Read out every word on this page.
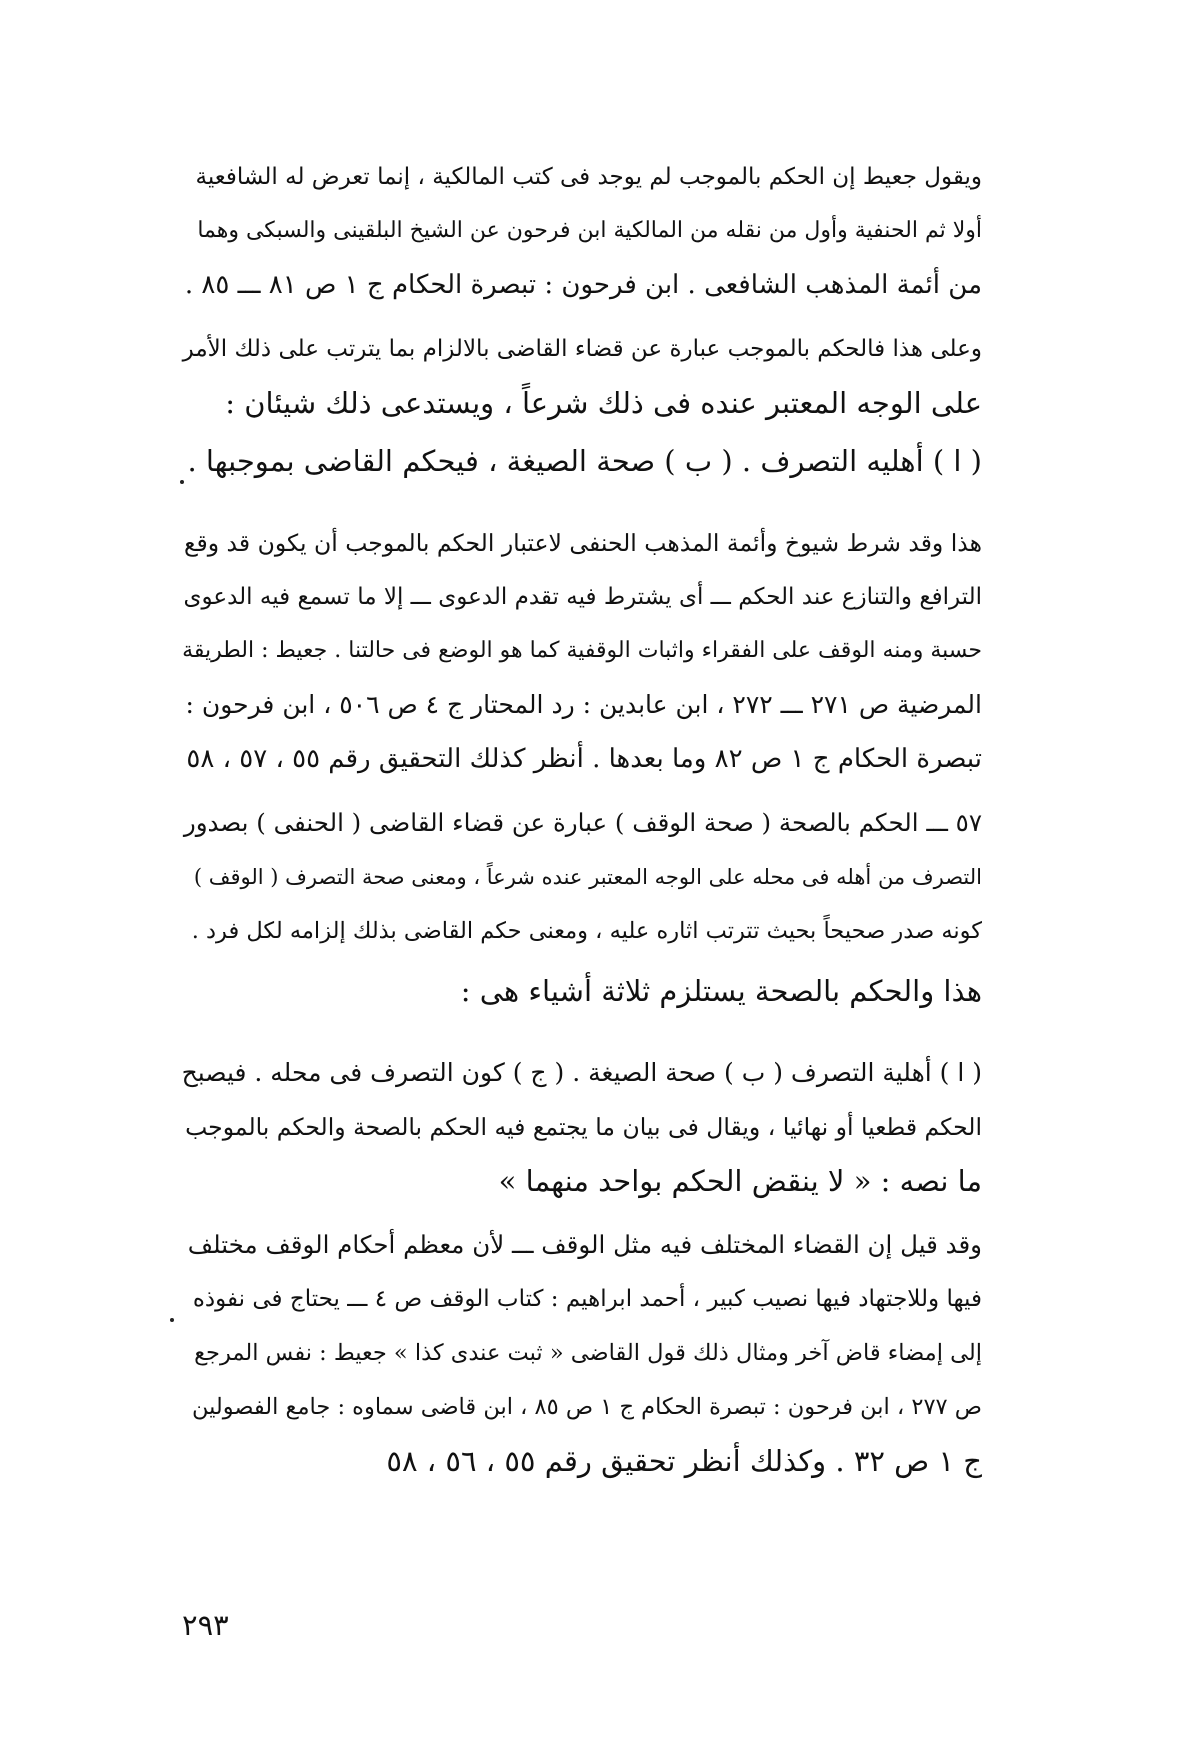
ويقول جعيط إن الحكم بالموجب لم يوجد فى كتب المالكية ، إنما تعرض له الشافعية
أولا ثم الحنفية وأول من نقله من المالكية ابن فرحون عن الشيخ البلقينى والسبكى وهما
من أئمة المذهب الشافعى . ابن فرحون : تبصرة الحكام ج ١ ص ٨١ ـــ ٨٥ .

وعلى هذا فالحكم بالموجب عبارة عن قضاء القاضى بالالزام بما يترتب على ذلك الأمر
على الوجه المعتبر عنده فى ذلك شرعاً ، ويستدعى ذلك شيئان :

( ا ) أهليه التصرف . ( ب ) صحة الصيغة ، فيحكم القاضى بموجبها .

هذا وقد شرط شيوخ وأئمة المذهب الحنفى لاعتبار الحكم بالموجب أن يكون قد وقع
الترافع والتنازع عند الحكم ـــ أى يشترط فيه تقدم الدعوى ـــ إلا ما تسمع فيه الدعوى
حسبة ومنه الوقف على الفقراء واثبات الوقفية كما هو الوضع فى حالتنا . جعيط : الطريقة
المرضية ص ٢٧١ ـــ ٢٧٢ ، ابن عابدين : رد المحتار ج ٤ ص ٥٠٦ ، ابن فرحون :
تبصرة الحكام ج ١ ص ٨٢ وما بعدها . أنظر كذلك التحقيق رقم ٥٥ ، ٥٧ ، ٥٨

٥٧ ـــ الحكم بالصحة ( صحة الوقف ) عبارة عن قضاء القاضى ( الحنفى ) بصدور
التصرف من أهله فى محله على الوجه المعتبر عنده شرعاً ، ومعنى صحة التصرف ( الوقف )
كونه صدر صحيحاً بحيث تترتب اثاره عليه ، ومعنى حكم القاضى بذلك إلزامه لكل فرد .

هذا والحكم بالصحة يستلزم ثلاثة أشياء هى :

( ا ) أهلية التصرف ( ب ) صحة الصيغة . ( ج ) كون التصرف فى محله . فيصبح
الحكم قطعيا أو نهائيا ، ويقال فى بيان ما يجتمع فيه الحكم بالصحة والحكم بالموجب
ما نصه : « لا ينقض الحكم بواحد منهما »

وقد قيل إن القضاء المختلف فيه مثل الوقف ـــ لأن معظم أحكام الوقف مختلف
فيها وللاجتهاد فيها نصيب كبير ، أحمد ابراهيم : كتاب الوقف ص ٤ ـــ يحتاج فى نفوذه
إلى إمضاء قاض آخر ومثال ذلك قول القاضى « ثبت عندى كذا » جعيط : نفس المرجع
ص ٢٧٧ ، ابن فرحون : تبصرة الحكام ج ١ ص ٨٥ ، ابن قاضى سماوه : جامع الفصولين
ج ١ ص ٣٢ . وكذلك أنظر تحقيق رقم ٥٥ ، ٥٦ ، ٥٨

٢٩٣
